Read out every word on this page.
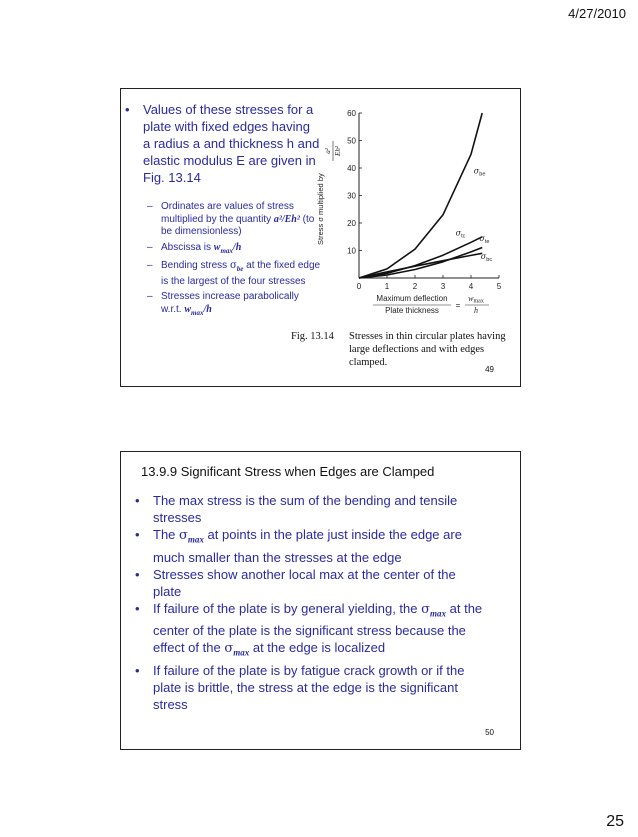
4/27/2010
• Values of these stresses for a plate with fixed edges having a radius a and thickness h and elastic modulus E are given in Fig. 13.14
– Ordinates are values of stress multiplied by the quantity a²/Eh² (to be dimensionless)
– Abscissa is $w_{max}/h$
– Bending stress $\sigma_{be}$ at the fixed edge is the largest of the four stresses
– Stresses increase parabolically w.r.t. $w_{max}/h$
0	1	2	3	4	5
10
20
30
40
50
60
Stress σ multiplied by
a² Eh²
Maximum deflection
Plate thickness
=
wmax
h
$\sigma_{be}$
$\sigma_{tc}$ $\sigma_{te}$
$\sigma_{bc}$
Fig. 13.14 Stresses in thin circular plates having large deflections and with edges clamped.
49
13.9.9 Significant Stress when Edges are Clamped
• The max stress is the sum of the bending and tensile stresses
• The $\sigma_{max}$ at points in the plate just inside the edge are much smaller than the stresses at the edge
• Stresses show another local max at the center of the plate
• If failure of the plate is by general yielding, the $\sigma_{max}$ at the center of the plate is the significant stress because the effect of the $\sigma_{max}$ at the edge is localized
• If failure of the plate is by fatigue crack growth or if the plate is brittle, the stress at the edge is the significant stress
50
25
